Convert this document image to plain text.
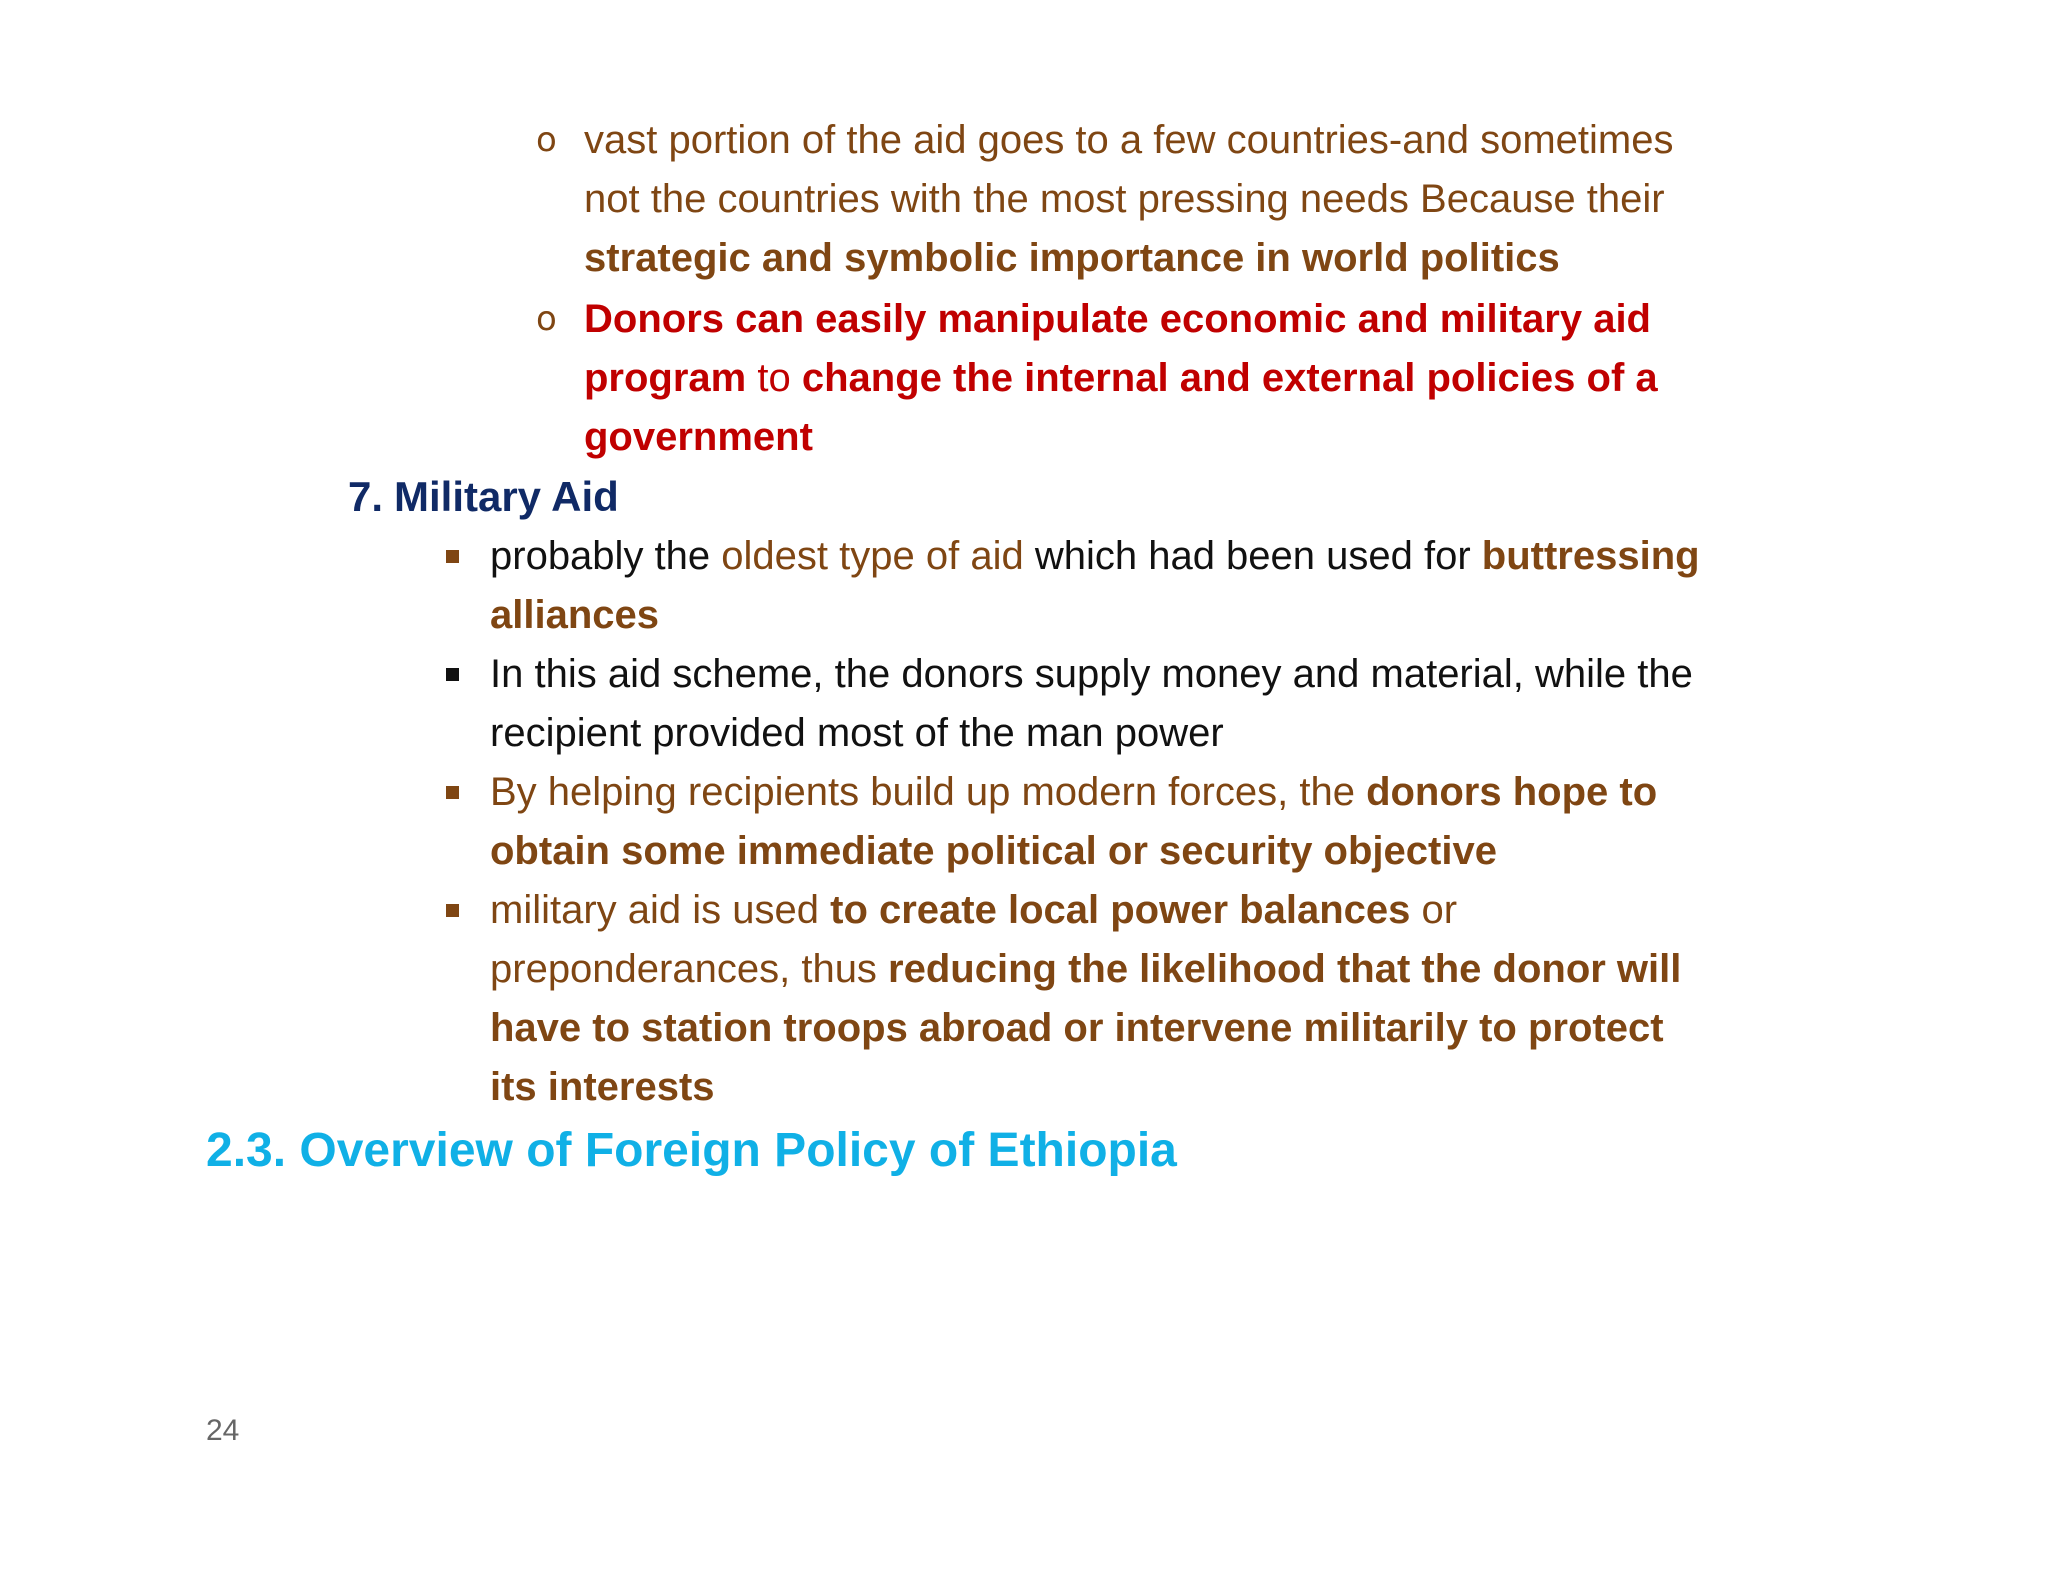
o vast portion of the aid goes to a few countries-and sometimes
not the countries with the most pressing needs Because their
strategic and symbolic importance in world politics
o Donors can easily manipulate economic and military aid
program to change the internal and external policies of a
government
7. Military Aid
probably the oldest type of aid which had been used for buttressing
alliances
In this aid scheme, the donors supply money and material, while the
recipient provided most of the man power
By helping recipients build up modern forces, the donors hope to
obtain some immediate political or security objective
military aid is used to create local power balances or
preponderances, thus reducing the likelihood that the donor will
have to station troops abroad or intervene militarily to protect
its interests
2.3. Overview of Foreign Policy of Ethiopia
24
